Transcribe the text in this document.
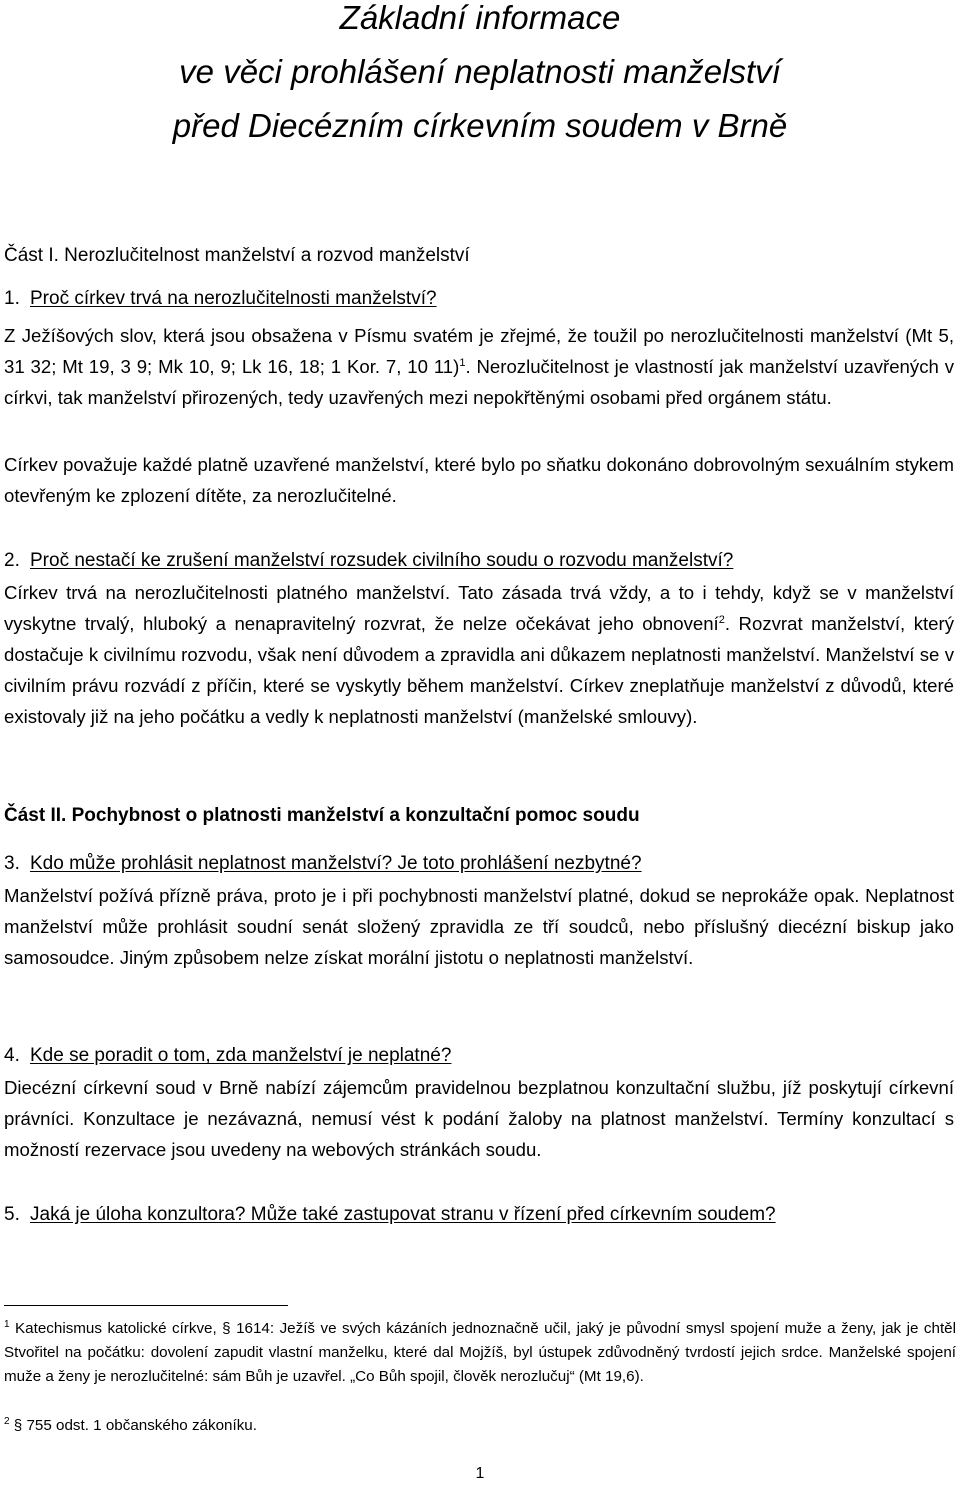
Základní informace
ve věci prohlášení neplatnosti manželství
před Diecézním církevním soudem v Brně
Část I. Nerozlučitelnost manželství a rozvod manželství
1. Proč církev trvá na nerozlučitelnosti manželství?
Z Ježíšových slov, která jsou obsažena v Písmu svatém je zřejmé, že toužil po nerozlučitelnosti manželství (Mt 5, 31 32; Mt 19, 3 9; Mk 10, 9; Lk 16, 18; 1 Kor. 7, 10 11)$^1$. Nerozlučitelnost je vlastností jak manželství uzavřených v církvi, tak manželství přirozených, tedy uzavřených mezi nepokřtěnými osobami před orgánem státu.
Církev považuje každé platně uzavřené manželství, které bylo po sňatku dokonáno dobrovolným sexuálním stykem otevřeným ke zplození dítěte, za nerozlučitelné.
2. Proč nestačí ke zrušení manželství rozsudek civilního soudu o rozvodu manželství?
Církev trvá na nerozlučitelnosti platného manželství. Tato zásada trvá vždy, a to i tehdy, když se v manželství vyskytne trvalý, hluboký a nenapravitelný rozvrat, že nelze očekávat jeho obnovení$^2$. Rozvrat manželství, který dostačuje k civilnímu rozvodu, však není důvodem a zpravidla ani důkazem neplatnosti manželství. Manželství se v civilním právu rozvádí z příčin, které se vyskytly během manželství. Církev zneplatňuje manželství z důvodů, které existovaly již na jeho počátku a vedly k neplatnosti manželství (manželské smlouvy).
Část II. Pochybnost o platnosti manželství a konzultační pomoc soudu
3. Kdo může prohlásit neplatnost manželství? Je toto prohlášení nezbytné?
Manželství požívá přízně práva, proto je i při pochybnosti manželství platné, dokud se neprokáže opak. Neplatnost manželství může prohlásit soudní senát složený zpravidla ze tří soudců, nebo příslušný diecézní biskup jako samosoudce. Jiným způsobem nelze získat morální jistotu o neplatnosti manželství.
4. Kde se poradit o tom, zda manželství je neplatné?
Diecézní církevní soud v Brně nabízí zájemcům pravidelnou bezplatnou konzultační službu, jíž poskytují církevní právníci. Konzultace je nezávazná, nemusí vést k podání žaloby na platnost manželství. Termíny konzultací s možností rezervace jsou uvedeny na webových stránkách soudu.
5. Jaká je úloha konzultora? Může také zastupovat stranu v řízení před církevním soudem?
$^1$ Katechismus katolické církve, § 1614: Ježíš ve svých kázáních jednoznačně učil, jaký je původní smysl spojení muže a ženy, jak je chtěl Stvořitel na počátku: dovolení zapudit vlastní manželku, které dal Mojžíš, byl ústupek zdůvodněný tvrdostí jejich srdce. Manželské spojení muže a ženy je nerozlučitelné: sám Bůh je uzavřel. „Co Bůh spojil, člověk nerozlučuj“ (Mt 19,6).
$^2$ § 755 odst. 1 občanského zákoníku.
1
